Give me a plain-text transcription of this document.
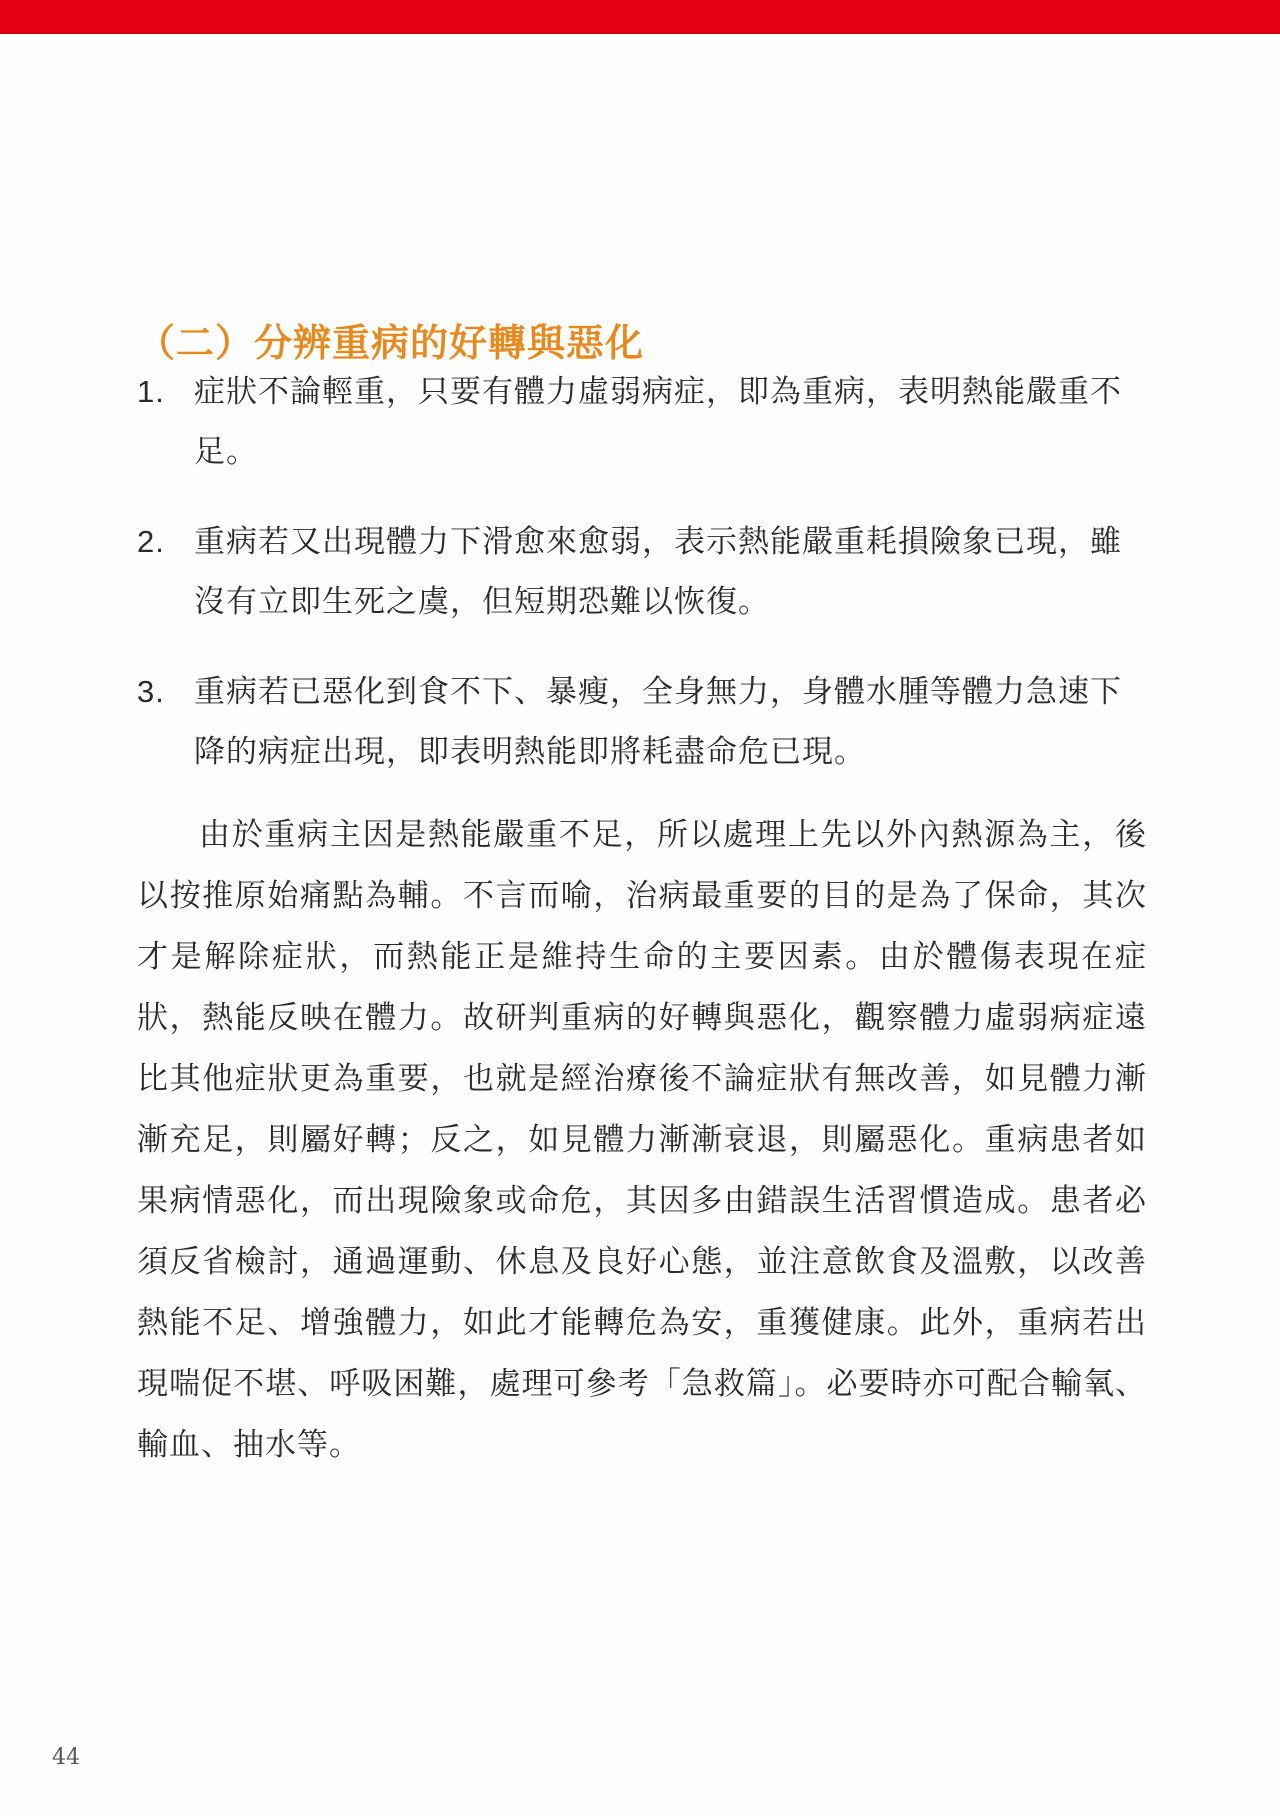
（二）分辨重病的好轉與惡化
1. 症狀不論輕重，只要有體力虛弱病症，即為重病，表明熱能嚴重不足。
2. 重病若又出現體力下滑愈來愈弱，表示熱能嚴重耗損險象已現，雖沒有立即生死之虞，但短期恐難以恢復。
3. 重病若已惡化到食不下、暴瘦，全身無力，身體水腫等體力急速下降的病症出現，即表明熱能即將耗盡命危已現。

由於重病主因是熱能嚴重不足，所以處理上先以外內熱源為主，後以按推原始痛點為輔。不言而喻，治病最重要的目的是為了保命，其次才是解除症狀，而熱能正是維持生命的主要因素。由於體傷表現在症狀，熱能反映在體力。故研判重病的好轉與惡化，觀察體力虛弱病症遠比其他症狀更為重要，也就是經治療後不論症狀有無改善，如見體力漸漸充足，則屬好轉；反之，如見體力漸漸衰退，則屬惡化。重病患者如果病情惡化，而出現險象或命危，其因多由錯誤生活習慣造成。患者必須反省檢討，通過運動、休息及良好心態，並注意飲食及溫敷，以改善熱能不足、增強體力，如此才能轉危為安，重獲健康。此外，重病若出現喘促不堪、呼吸困難，處理可參考「急救篇」。必要時亦可配合輸氧、輸血、抽水等。

44
